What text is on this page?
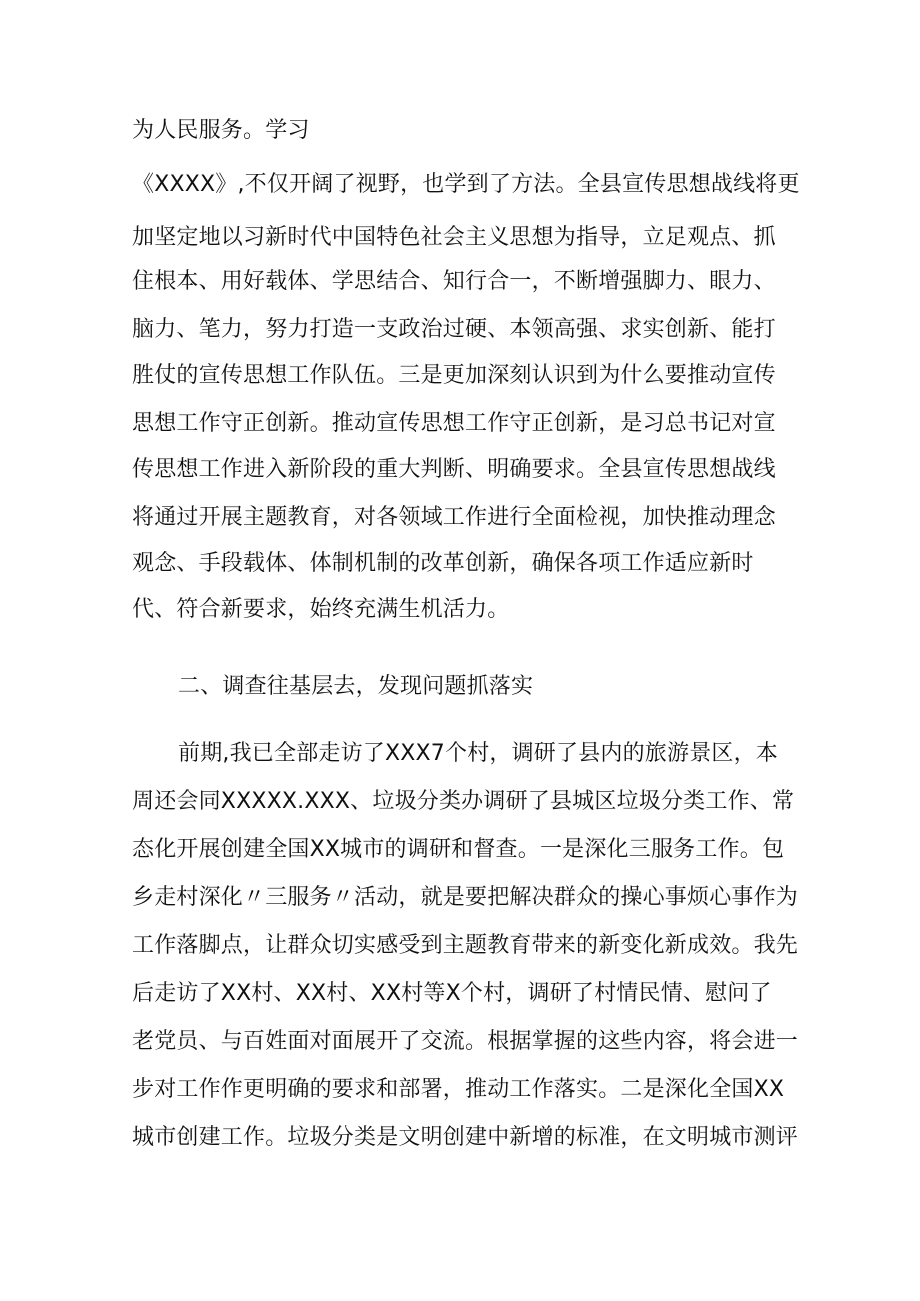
为人民服务。学习
《XXXX》,不仅开阔了视野，也学到了方法。全县宣传思想战线将更
加坚定地以习新时代中国特色社会主义思想为指导，立足观点、抓
住根本、用好载体、学思结合、知行合一，不断增强脚力、眼力、
脑力、笔力，努力打造一支政治过硬、本领高强、求实创新、能打
胜仗的宣传思想工作队伍。三是更加深刻认识到为什么要推动宣传
思想工作守正创新。推动宣传思想工作守正创新，是习总书记对宣
传思想工作进入新阶段的重大判断、明确要求。全县宣传思想战线
将通过开展主题教育，对各领域工作进行全面检视，加快推动理念
观念、手段载体、体制机制的改革创新，确保各项工作适应新时
代、符合新要求，始终充满生机活力。
二、调查往基层去，发现问题抓落实
前期,我已全部走访了XXX7个村，调研了县内的旅游景区，本
周还会同XXXXX.XXX、垃圾分类办调研了县城区垃圾分类工作、常
态化开展创建全国XX城市的调研和督查。一是深化三服务工作。包
乡走村深化〃三服务〃活动，就是要把解决群众的操心事烦心事作为
工作落脚点，让群众切实感受到主题教育带来的新变化新成效。我先
后走访了XX村、XX村、XX村等X个村，调研了村情民情、慰问了
老党员、与百姓面对面展开了交流。根据掌握的这些内容，将会进一
步对工作作更明确的要求和部署，推动工作落实。二是深化全国XX
城市创建工作。垃圾分类是文明创建中新增的标准，在文明城市测评
